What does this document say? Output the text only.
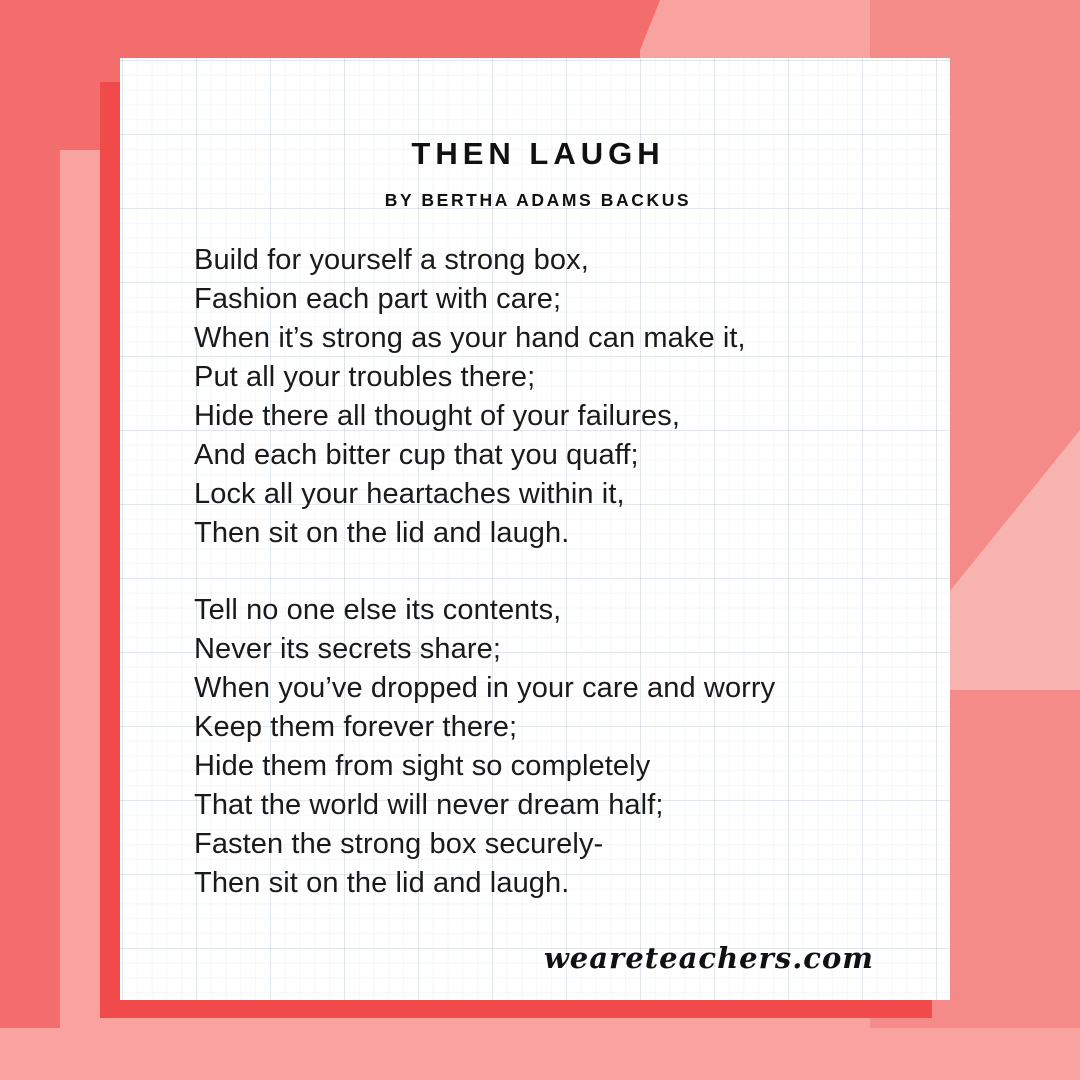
THEN LAUGH
BY BERTHA ADAMS BACKUS
Build for yourself a strong box,
Fashion each part with care;
When it’s strong as your hand can make it,
Put all your troubles there;
Hide there all thought of your failures,
And each bitter cup that you quaff;
Lock all your heartaches within it,
Then sit on the lid and laugh.
Tell no one else its contents,
Never its secrets share;
When you’ve dropped in your care and worry
Keep them forever there;
Hide them from sight so completely
That the world will never dream half;
Fasten the strong box securely-
Then sit on the lid and laugh.
weareteachers.com
